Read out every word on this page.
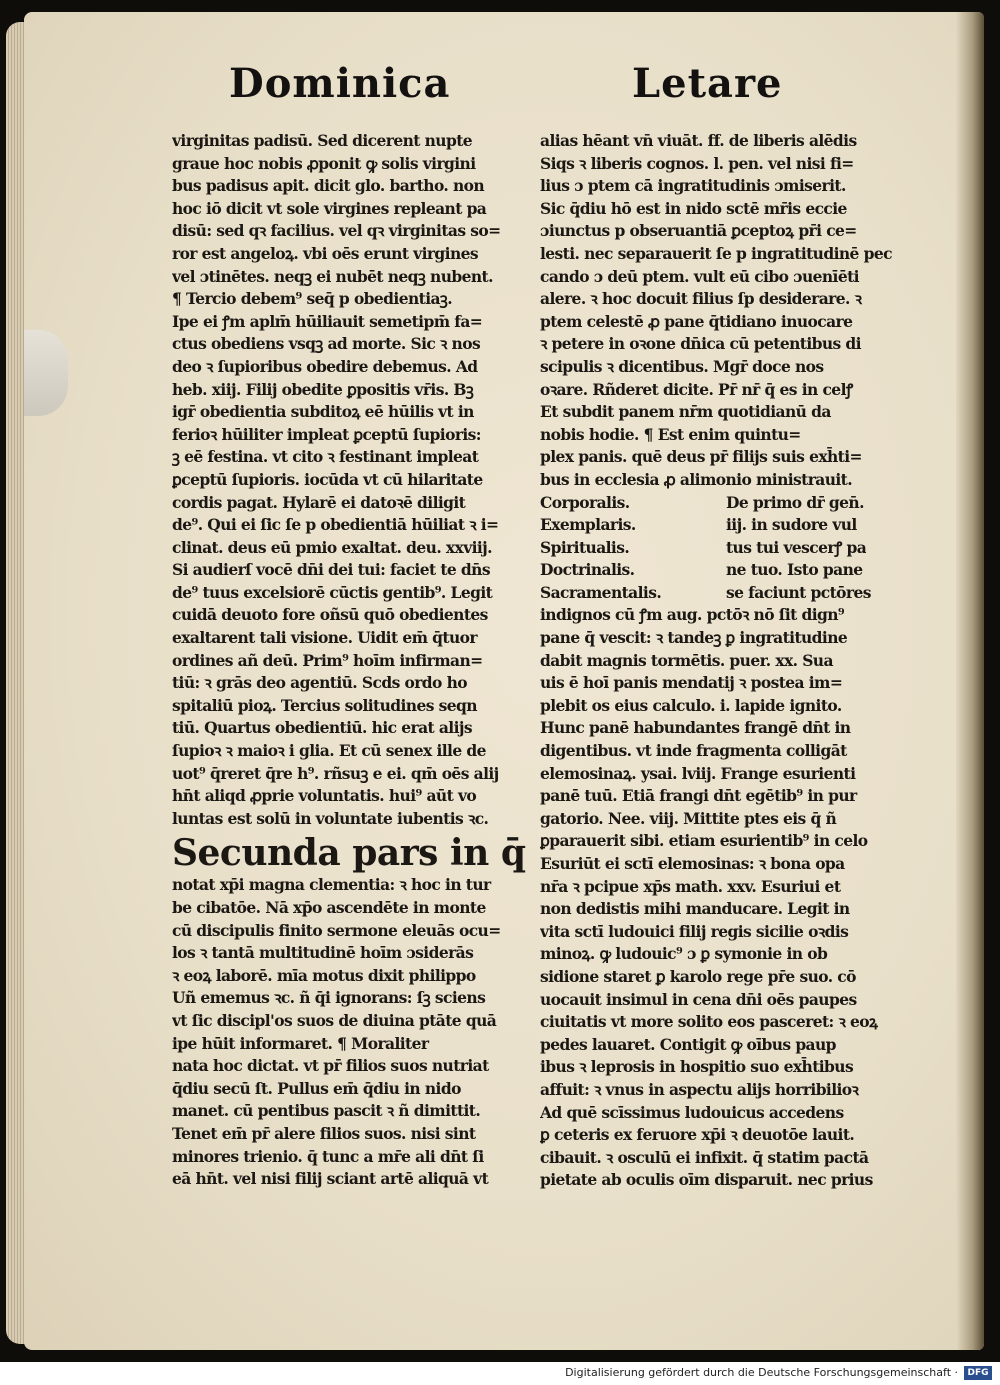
Dominica	Letare
virginitas padisū. Sed dicerent nupte
graue hoc nobis ꝓponit ꝙ solis virgini
bus padisus apit. dicit glo. bartho. non
hoc iō dicit vt sole virgines repleant pa
disū: sed qꝛ facilius. vel qꝛ virginitas so=
ror est angeloꝝ. vbi oēs erunt virgines
vel ɔtinētes. neqꝫ ei nubēt neqꝫ nubent.
¶ Tercio debem⁹ seq̄ p obedientiaꝫ.
Ipe ei ꝭm aplm̄ hūiliauit semetipm̄ fa=
ctus obediens vsqꝫ ad morte. Sic ꝛ nos
deo ꝛ ſupioribus obedire debemus. Ad
heb. xiij. Filij obedite ꝑpositis vr̄is. Bꝫ
igr̄ obedientia subditoꝝ eē hūilis vt in
ferioꝛ hūiliter impleat ꝑceptū ſupioris:
ꝫ eē festina. vt cito ꝛ festinant impleat
ꝑceptū ſupioris. iocūda vt cū hilaritate
cordis pagat. Hylarē ei datoꝛē diligit
de⁹. Qui ei ſic ſe p obedientiā hūiliat ꝛ i=
clinat. deus eū pmio exaltat. deu. xxviij.
Si audierſ vocē dn̄i dei tui: faciet te dn̄s
de⁹ tuus excelsiorē cūctis gentib⁹. Legit
cuidā deuoto fore oñsū quō obedientes
exaltarent tali visione. Uidit em̄ q̄tuor
ordines añ deū. Prim⁹ hoīm infirman=
tiū: ꝛ grās deo agentiū. Scds ordo ho
spitaliū pioꝝ. Tercius solitudines seqn
tiū. Quartus obedientiū. hic erat alijs
ſupioꝛ ꝛ maioꝛ i glia. Et cū senex ille de
uot⁹ q̄reret q̄re h⁹. rñsuꝫ e ei. qm̄ oēs alij
hn̄t aliqd ꝓprie voluntatis. hui⁹ aūt vo
luntas est solū in voluntate iubentis ꝛc.
Secunda pars in q̄
notat xp̄i magna clementia: ꝛ hoc in tur
be cibatōe. Nā xp̄o ascendēte in monte
cū discipulis finito sermone eleuās ocu=
los ꝛ tantā multitudinē hoīm ɔsiderās
ꝛ eoꝝ laborē. mīa motus dixit philippo
Uñ ememus ꝛc. ñ q̄i ignorans: ſꝫ sciens
vt ſic discipl'os suos de diuina ptāte quā
ipe hūit informaret. ¶ Moraliter
nata hoc dictat. vt pr̄ filios suos nutriat
q̄diu secū ſt. Pullus em̄ q̄diu in nido
manet. cū pentibus pascit ꝛ ñ dimittit.
Tenet em̄ pr̄ alere filios suos. nisi sint
minores trienio. q̄ tunc a mr̄e ali dn̄t ſi
eā hn̄t. vel nisi filij sciant artē aliquā vt
alias hēant vn̄ viuāt. ff. de liberis alēdis
Siqs ꝛ liberis cognos. l. pen. vel nisi fi=
lius ɔ ptem cā ingratitudinis ɔmiserit.
Sic q̄diu hō est in nido sctē mr̄is eccie
ɔiunctus p obseruantiā ꝑceptoꝝ pr̄i ce=
lesti. nec separauerit ſe p ingratitudinē pec
cando ɔ deū ptem. vult eū cibo ɔuenīēti
alere. ꝛ hoc docuit filius ſp desiderare. ꝛ
ptem celestē ꝓ pane q̄tidiano inuocare
ꝛ petere in oꝛone dn̄ica cū petentibus di
scipulis ꝛ dicentibus. Mgr̄ doce nos
oꝛare. Rñderet dicite. Pr̄ nr̄ q̄ es in celꝭ
Et subdit panem nr̄m quotidianū da
nobis hodie. ¶ Est enim quintu=
plex panis. quē deus pr̄ filijs suis exh̄ti=
bus in ecclesia ꝓ alimonio ministrauit.
Corporalis.	De primo dr̄ gen̄.
Exemplaris.	iij. in sudore vul
Spiritualis.	tus tui vescerꝭ pa
Doctrinalis.	ne tuo. Isto pane
Sacramentalis.	se faciunt pctōres
indignos cū ꝭm aug. pctōꝛ nō ſit dign⁹
pane q̄ vescit: ꝛ tandeꝫ ꝑ ingratitudine
dabit magnis tormētis. puer. xx. Sua
uis ē hoī panis mendatij ꝛ postea im=
plebit os eius calculo. i. lapide ignito.
Hunc panē habundantes frangē dn̄t in
digentibus. vt inde fragmenta colligāt
elemosinaꝝ. ysai. lviij. Frange esurienti
panē tuū. Etiā frangi dn̄t egētib⁹ in pur
gatorio. Nee. viij. Mittite ptes eis q̄ ñ
ꝑparauerit sibi. etiam esurientib⁹ in celo
Esuriūt ei sctī elemosinas: ꝛ bona opa
nr̄a ꝛ pcipue xp̄s math. xxv. Esuriui et
non dedistis mihi manducare. Legit in
vita sctī ludouici filij regis sicilie oꝛdis
minoꝝ. ꝙ ludouic⁹ ɔ ꝑ symonie in ob
sidione staret ꝑ karolo rege pr̄e suo. cō
uocauit insimul in cena dn̄i oēs paupes
ciuitatis vt more solito eos pasceret: ꝛ eoꝝ
pedes lauaret. Contigit ꝙ oībus paup
ibus ꝛ leprosis in hospitio suo exh̄tibus
affuit: ꝛ vnus in aspectu alijs horribilioꝛ
Ad quē scīssimus ludouicus accedens
ꝑ ceteris ex feruore xp̄i ꝛ deuotōe lauit.
cibauit. ꝛ osculū ei infixit. q̄ statim pactā
pietate ab oculis oīm disparuit. nec prius
Digitalisierung gefördert durch die Deutsche Forschungsgemeinschaft ·	DFG
